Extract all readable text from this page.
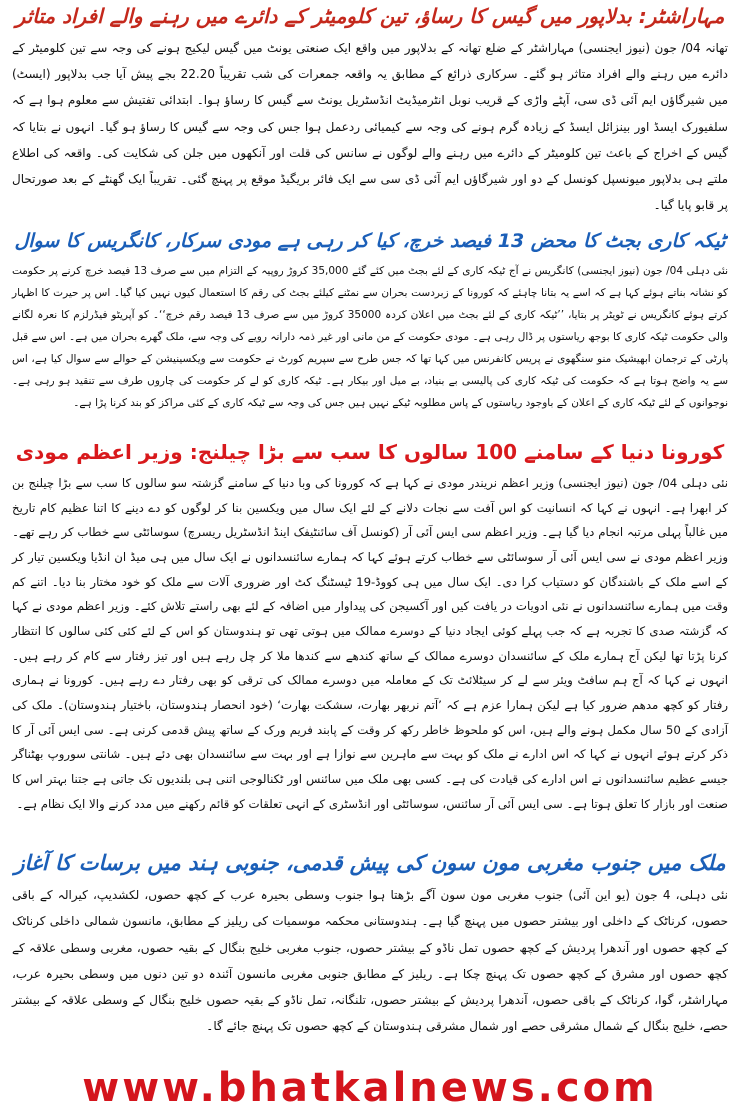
مہاراشٹر: بدلاپور میں گیس کا رساؤ، تین کلومیٹر کے دائرے میں رہنے والے افراد متاثر

تھانہ 04/ جون (نیوز ایجنسی) مہاراشٹر کے ضلع تھانہ کے بدلاپور میں واقع ایک صنعتی یونٹ میں گیس لیکیج ہونے کی وجہ سے تین کلومیٹر کے دائرے میں رہنے والے افراد متاثر ہو گئے۔ سرکاری ذرائع کے مطابق یہ واقعہ جمعرات کی شب تقریباً 22.20 بجے پیش آیا جب بدلاپور (ایسٹ) میں شیرگاؤں ایم آئی ڈی سی، آپٹے واڑی کے قریب نوبل انٹرمیڈیٹ انڈسٹریل یونٹ سے گیس کا رساؤ ہوا۔ ابتدائی تفتیش سے معلوم ہوا ہے کہ سلفیورک ایسڈ اور بینزائل ایسڈ کے زیادہ گرم ہونے کی وجہ سے کیمیائی ردعمل ہوا جس کی وجہ سے گیس کا رساؤ ہو گیا۔ انہوں نے بتایا کہ گیس کے اخراج کے باعث تین کلومیٹر کے دائرے میں رہنے والے لوگوں نے سانس کی قلت اور آنکھوں میں جلن کی شکایت کی۔ واقعہ کی اطلاع ملتے ہی بدلاپور میونسپل کونسل کے دو اور شیرگاؤں ایم آئی ڈی سی سے ایک فائر بریگیڈ موقع پر پہنچ گئی۔ تقریباً ایک گھنٹے کے بعد صورتحال پر قابو پایا گیا۔

ٹیکہ کاری بجٹ کا محض 13 فیصد خرچ، کیا کر رہی ہے مودی سرکار، کانگریس کا سوال

نئی دہلی 04/ جون (نیوز ایجنسی) کانگریس نے آج ٹیکہ کاری کے لئے بجٹ میں کئے گئے 35,000 کروڑ روپیہ کے التزام میں سے صرف 13 فیصد خرچ کرنے پر حکومت کو نشانہ بناتے ہوئے کہا ہے کہ اسے یہ بتانا چاہئے کہ کورونا کے زبردست بحران سے نمٹنے کیلئے بجٹ کی رقم کا استعمال کیوں نہیں کیا گیا۔ اس پر حیرت کا اظہار کرتے ہوئے کانگریس نے ٹویٹر پر بتایا، ’’ٹیکہ کاری کے لئے بجٹ میں اعلان کردہ 35000 کروڑ میں سے صرف 13 فیصد رقم خرچ‘‘۔ کو آپریٹو فیڈرلزم کا نعرہ لگانے والی حکومت ٹیکہ کاری کا بوجھ ریاستوں پر ڈال رہی ہے۔ مودی حکومت کے من مانی اور غیر ذمہ دارانہ رویے کی وجہ سے، ملک گھرے بحران میں ہے۔ اس سے قبل پارٹی کے ترجمان ابھیشیک منو سنگھوی نے پریس کانفرنس میں کہا تھا کہ جس طرح سے سپریم کورٹ نے حکومت سے ویکسینیشن کے حوالے سے سوال کیا ہے، اس سے یہ واضح ہوتا ہے کہ حکومت کی ٹیکہ کاری کی پالیسی بے بنیاد، بے میل اور بیکار ہے۔ ٹیکہ کاری کو لے کر حکومت کی چاروں طرف سے تنقید ہو رہی ہے۔ نوجوانوں کے لئے ٹیکہ کاری کے اعلان کے باوجود ریاستوں کے پاس مطلوبہ ٹیکے نہیں ہیں جس کی وجہ سے ٹیکہ کاری کے کئی مراکز کو بند کرنا پڑا ہے۔

کورونا دنیا کے سامنے 100 سالوں کا سب سے بڑا چیلنج: وزیر اعظم مودی

نئی دہلی 04/ جون (نیوز ایجنسی) وزیر اعظم نریندر مودی نے کہا ہے کہ کورونا کی وبا دنیا کے سامنے گزشتہ سو سالوں کا سب سے بڑا چیلنج بن کر ابھرا ہے۔ انہوں نے کہا کہ انسانیت کو اس آفت سے نجات دلانے کے لئے ایک سال میں ویکسین بنا کر لوگوں کو دے دینے کا اتنا عظیم کام تاریخ میں غالباً پہلی مرتبہ انجام دیا گیا ہے۔ وزیر اعظم سی ایس آئی آر (کونسل آف سائنٹیفک اینڈ انڈسٹریل ریسرچ) سوسائٹی سے خطاب کر رہے تھے۔ وزیر اعظم مودی نے سی ایس آئی آر سوسائٹی سے خطاب کرتے ہوئے کہا کہ ہمارے سائنسدانوں نے ایک سال میں ہی میڈ ان انڈیا ویکسین تیار کر کے اسے ملک کے باشندگان کو دستیاب کرا دی۔ ایک سال میں ہی کووڈ-19 ٹیسٹنگ کٹ اور ضروری آلات سے ملک کو خود مختار بنا دیا۔ اتنے کم وقت میں ہمارے سائنسدانوں نے نئی ادویات در یافت کیں اور آکسیجن کی پیداوار میں اضافہ کے لئے بھی راستے تلاش کئے۔ وزیر اعظم مودی نے کہا کہ گزشتہ صدی کا تجربہ ہے کہ جب پہلے کوئی ایجاد دنیا کے دوسرے ممالک میں ہوتی تھی تو ہندوستان کو اس کے لئے کئی کئی سالوں کا انتظار کرنا پڑتا تھا لیکن آج ہمارے ملک کے سائنسدان دوسرے ممالک کے ساتھ کندھے سے کندھا ملا کر چل رہے ہیں اور تیز رفتار سے کام کر رہے ہیں۔ انہوں نے کہا کہ آج ہم سافٹ ویئر سے لے کر سیٹلائٹ تک کے معاملہ میں دوسرے ممالک کی ترقی کو بھی رفتار دے رہے ہیں۔ کورونا نے ہماری رفتار کو کچھ مدھم ضرور کیا ہے لیکن ہمارا عزم ہے کہ ’آتم نربھر بھارت، سشکت بھارت‘ (خود انحصار ہندوستان، باختیار ہندوستان)۔ ملک کی آزادی کے 50 سال مکمل ہونے والے ہیں، اس کو ملحوظ خاطر رکھ کر وقت کے پابند فریم ورک کے ساتھ پیش قدمی کرنی ہے۔ سی ایس آئی آر کا ذکر کرتے ہوئے انہوں نے کہا کہ اس ادارے نے ملک کو بہت سے ماہرین سے نوازا ہے اور بہت سے سائنسدان بھی دئے ہیں۔ شانتی سوروپ بھٹناگر جیسے عظیم سائنسدانوں نے اس ادارے کی قیادت کی ہے۔ کسی بھی ملک میں سائنس اور ٹکنالوجی اتنی ہی بلندیوں تک جاتی ہے جتنا بہتر اس کا صنعت اور بازار کا تعلق ہوتا ہے۔ سی ایس آئی آر سائنس، سوسائٹی اور انڈسٹری کے انہی تعلقات کو قائم رکھنے میں مدد کرنے والا ایک نظام ہے۔

ملک میں جنوب مغربی مون سون کی پیش قدمی، جنوبی ہند میں برسات کا آغاز

نئی دہلی، 4 جون (یو این آئی) جنوب مغربی مون سون آگے بڑھتا ہوا جنوب وسطی بحیرہ عرب کے کچھ حصوں، لکشدیپ، کیرالہ کے باقی حصوں، کرناٹک کے داخلی اور بیشتر حصوں میں پہنچ گیا ہے۔ ہندوستانی محکمہ موسمیات کی ریلیز کے مطابق، مانسون شمالی داخلی کرناٹک کے کچھ حصوں اور آندھرا پردیش کے کچھ حصوں تمل ناڈو کے بیشتر حصوں، جنوب مغربی خلیج بنگال کے بقیہ حصوں، مغربی وسطی علاقہ کے کچھ حصوں اور مشرق کے کچھ حصوں تک پہنچ چکا ہے۔ ریلیز کے مطابق جنوبی مغربی مانسون آئندہ دو تین دنوں میں وسطی بحیرہ عرب، مہاراشٹر، گوا، کرناٹک کے باقی حصوں، آندھرا پردیش کے بیشتر حصوں، تلنگانہ، تمل ناڈو کے بقیہ حصوں خلیج بنگال کے وسطی علاقہ کے بیشتر حصے، خلیج بنگال کے شمال مشرقی حصے اور شمال مشرقی ہندوستان کے کچھ حصوں تک پہنچ جائے گا۔

www.bhatkalnews.com
